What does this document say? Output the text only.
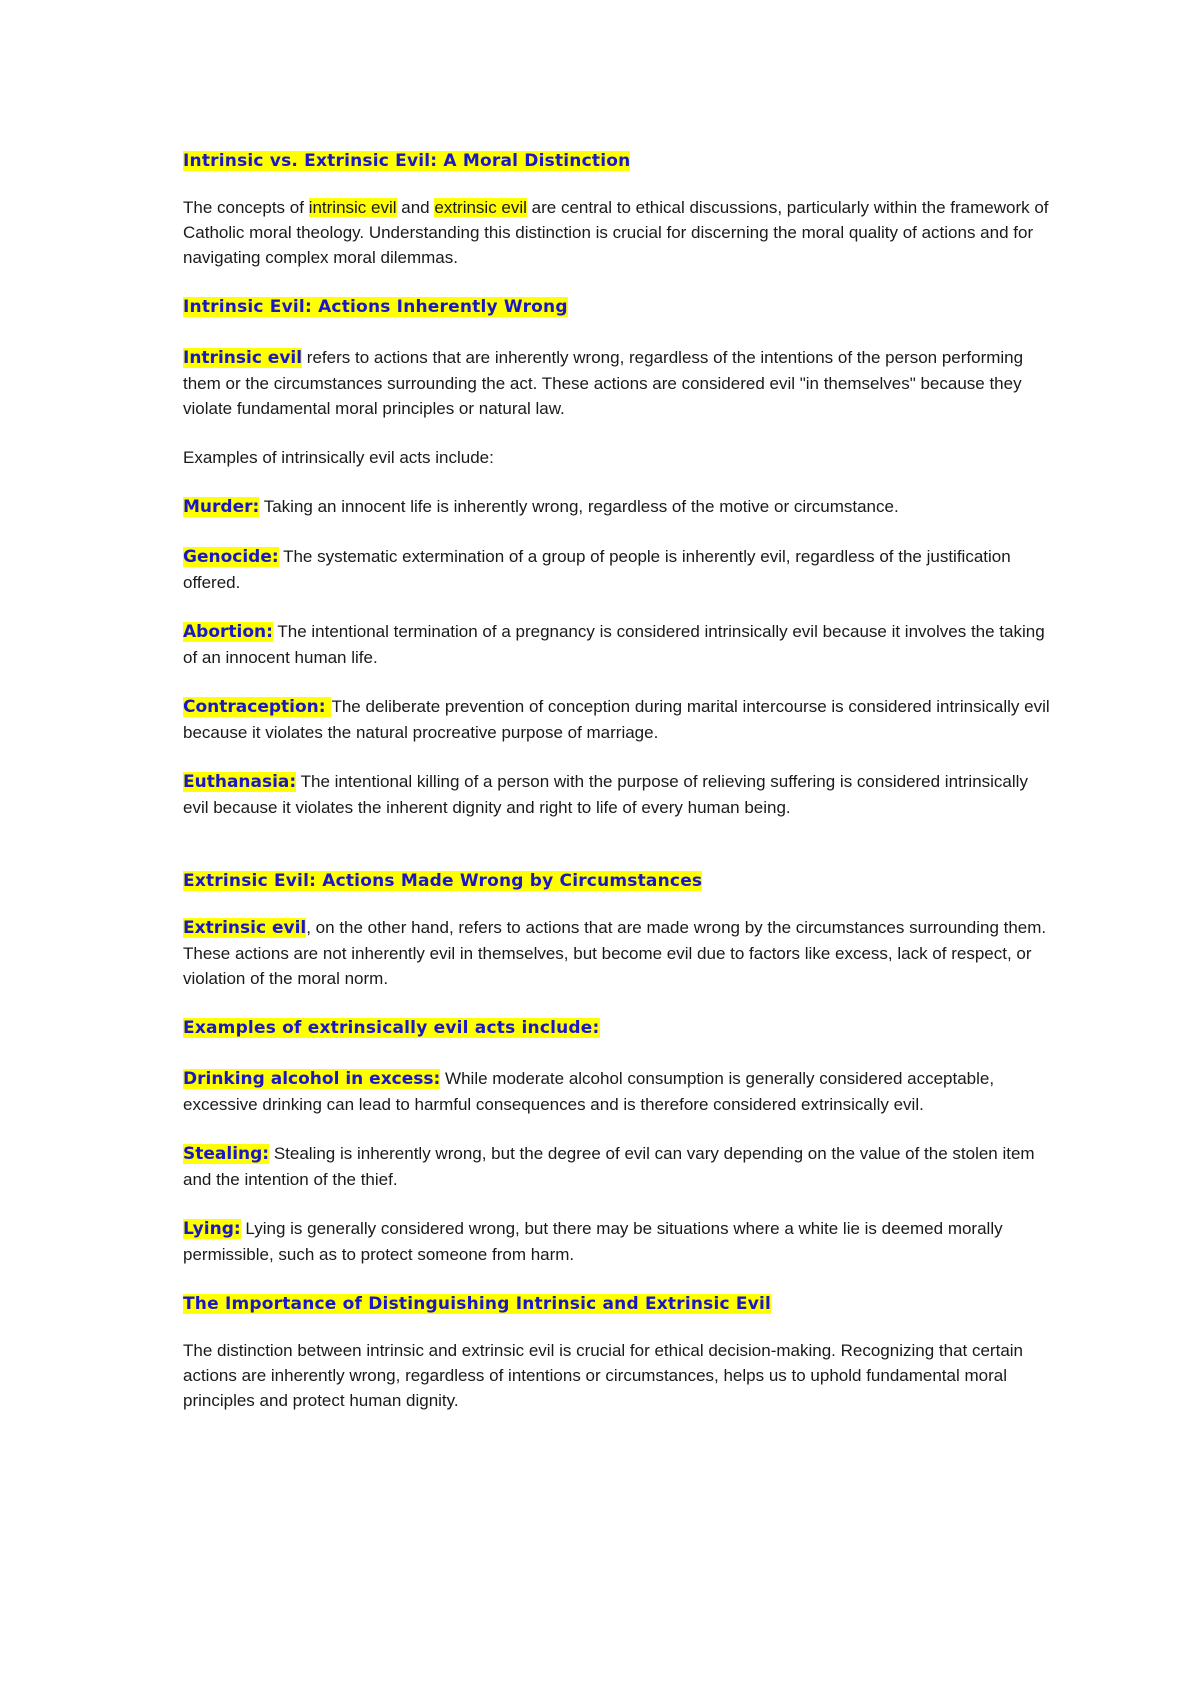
Intrinsic vs. Extrinsic Evil: A Moral Distinction

The concepts of intrinsic evil and extrinsic evil are central to ethical discussions, particularly within the framework of Catholic moral theology. Understanding this distinction is crucial for discerning the moral quality of actions and for navigating complex moral dilemmas.

Intrinsic Evil: Actions Inherently Wrong

Intrinsic evil refers to actions that are inherently wrong, regardless of the intentions of the person performing them or the circumstances surrounding the act. These actions are considered evil "in themselves" because they violate fundamental moral principles or natural law.

Examples of intrinsically evil acts include:

Murder: Taking an innocent life is inherently wrong, regardless of the motive or circumstance.

Genocide: The systematic extermination of a group of people is inherently evil, regardless of the justification offered.

Abortion: The intentional termination of a pregnancy is considered intrinsically evil because it involves the taking of an innocent human life.

Contraception: The deliberate prevention of conception during marital intercourse is considered intrinsically evil because it violates the natural procreative purpose of marriage.

Euthanasia: The intentional killing of a person with the purpose of relieving suffering is considered intrinsically evil because it violates the inherent dignity and right to life of every human being.

Extrinsic Evil: Actions Made Wrong by Circumstances

Extrinsic evil, on the other hand, refers to actions that are made wrong by the circumstances surrounding them. These actions are not inherently evil in themselves, but become evil due to factors like excess, lack of respect, or violation of the moral norm.

Examples of extrinsically evil acts include:

Drinking alcohol in excess: While moderate alcohol consumption is generally considered acceptable, excessive drinking can lead to harmful consequences and is therefore considered extrinsically evil.

Stealing: Stealing is inherently wrong, but the degree of evil can vary depending on the value of the stolen item and the intention of the thief.

Lying: Lying is generally considered wrong, but there may be situations where a white lie is deemed morally permissible, such as to protect someone from harm.

The Importance of Distinguishing Intrinsic and Extrinsic Evil

The distinction between intrinsic and extrinsic evil is crucial for ethical decision-making. Recognizing that certain actions are inherently wrong, regardless of intentions or circumstances, helps us to uphold fundamental moral principles and protect human dignity.
